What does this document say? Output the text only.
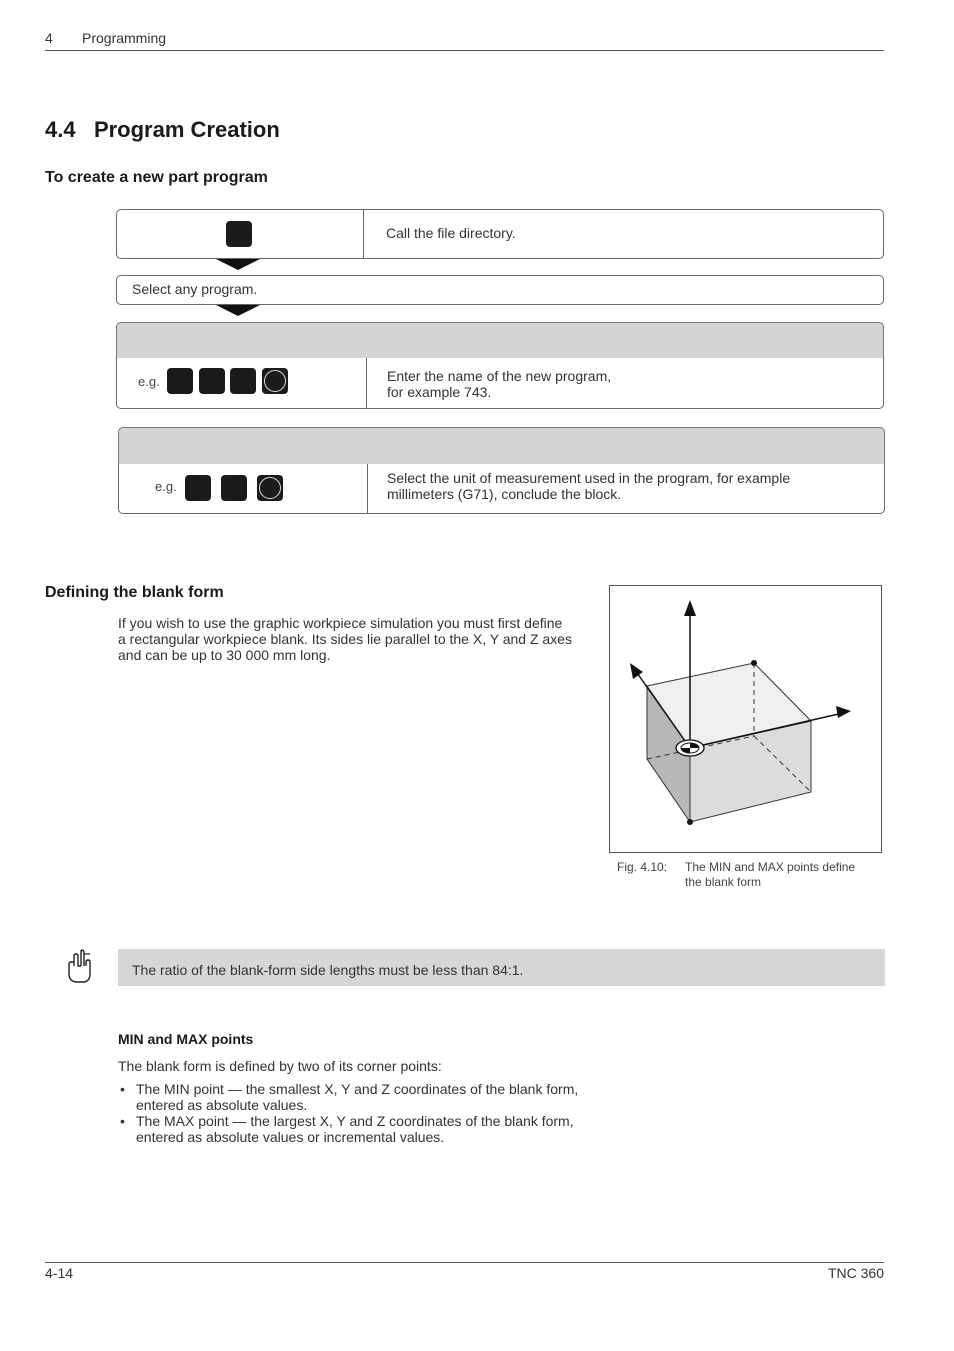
4 Programming
4.4 Program Creation
To create a new part program
Call the file directory.
Select any program.
e.g.	Enter the name of the new program,
for example 743.
e.g.
Select the unit of measurement used in the program, for example
millimeters (G71), conclude the block.
Defining the blank form
If you wish to use the graphic workpiece simulation you must first define
a rectangular workpiece blank. Its sides lie parallel to the X, Y and Z axes
and can be up to 30 000 mm long.
Fig. 4.10: The MIN and MAX points define
the blank form
The ratio of the blank-form side lengths must be less than 84:1.
MIN and MAX points
The blank form is defined by two of its corner points:
• The MIN point — the smallest X, Y and Z coordinates of the blank form,
entered as absolute values.
• The MAX point — the largest X, Y and Z coordinates of the blank form,
entered as absolute values or incremental values.
4-14	TNC 360
